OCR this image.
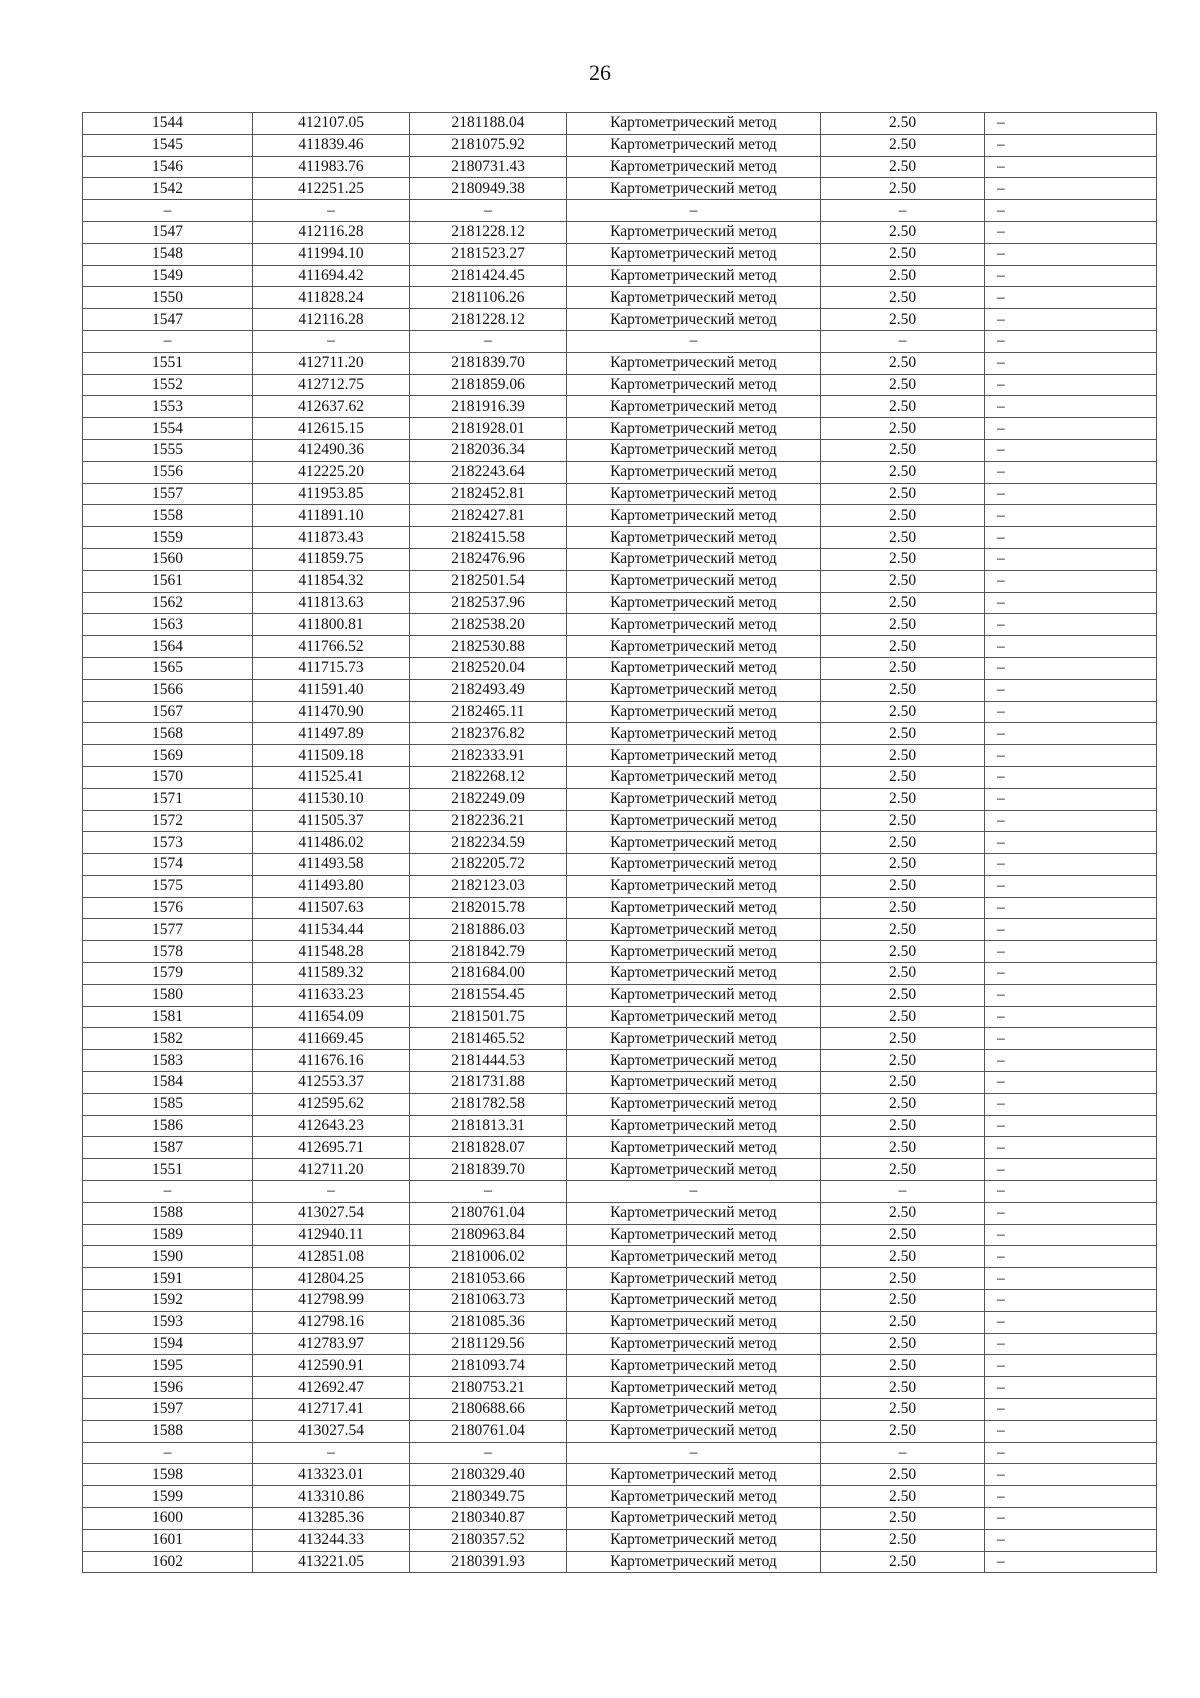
26
1544	412107.05	2181188.04	Картометрический метод	2.50	–
1545	411839.46	2181075.92	Картометрический метод	2.50	–
1546	411983.76	2180731.43	Картометрический метод	2.50	–
1542	412251.25	2180949.38	Картометрический метод	2.50	–
–	–	–	–	–	–
1547	412116.28	2181228.12	Картометрический метод	2.50	–
1548	411994.10	2181523.27	Картометрический метод	2.50	–
1549	411694.42	2181424.45	Картометрический метод	2.50	–
1550	411828.24	2181106.26	Картометрический метод	2.50	–
1547	412116.28	2181228.12	Картометрический метод	2.50	–
–	–	–	–	–	–
1551	412711.20	2181839.70	Картометрический метод	2.50	–
1552	412712.75	2181859.06	Картометрический метод	2.50	–
1553	412637.62	2181916.39	Картометрический метод	2.50	–
1554	412615.15	2181928.01	Картометрический метод	2.50	–
1555	412490.36	2182036.34	Картометрический метод	2.50	–
1556	412225.20	2182243.64	Картометрический метод	2.50	–
1557	411953.85	2182452.81	Картометрический метод	2.50	–
1558	411891.10	2182427.81	Картометрический метод	2.50	–
1559	411873.43	2182415.58	Картометрический метод	2.50	–
1560	411859.75	2182476.96	Картометрический метод	2.50	–
1561	411854.32	2182501.54	Картометрический метод	2.50	–
1562	411813.63	2182537.96	Картометрический метод	2.50	–
1563	411800.81	2182538.20	Картометрический метод	2.50	–
1564	411766.52	2182530.88	Картометрический метод	2.50	–
1565	411715.73	2182520.04	Картометрический метод	2.50	–
1566	411591.40	2182493.49	Картометрический метод	2.50	–
1567	411470.90	2182465.11	Картометрический метод	2.50	–
1568	411497.89	2182376.82	Картометрический метод	2.50	–
1569	411509.18	2182333.91	Картометрический метод	2.50	–
1570	411525.41	2182268.12	Картометрический метод	2.50	–
1571	411530.10	2182249.09	Картометрический метод	2.50	–
1572	411505.37	2182236.21	Картометрический метод	2.50	–
1573	411486.02	2182234.59	Картометрический метод	2.50	–
1574	411493.58	2182205.72	Картометрический метод	2.50	–
1575	411493.80	2182123.03	Картометрический метод	2.50	–
1576	411507.63	2182015.78	Картометрический метод	2.50	–
1577	411534.44	2181886.03	Картометрический метод	2.50	–
1578	411548.28	2181842.79	Картометрический метод	2.50	–
1579	411589.32	2181684.00	Картометрический метод	2.50	–
1580	411633.23	2181554.45	Картометрический метод	2.50	–
1581	411654.09	2181501.75	Картометрический метод	2.50	–
1582	411669.45	2181465.52	Картометрический метод	2.50	–
1583	411676.16	2181444.53	Картометрический метод	2.50	–
1584	412553.37	2181731.88	Картометрический метод	2.50	–
1585	412595.62	2181782.58	Картометрический метод	2.50	–
1586	412643.23	2181813.31	Картометрический метод	2.50	–
1587	412695.71	2181828.07	Картометрический метод	2.50	–
1551	412711.20	2181839.70	Картометрический метод	2.50	–
–	–	–	–	–	–
1588	413027.54	2180761.04	Картометрический метод	2.50	–
1589	412940.11	2180963.84	Картометрический метод	2.50	–
1590	412851.08	2181006.02	Картометрический метод	2.50	–
1591	412804.25	2181053.66	Картометрический метод	2.50	–
1592	412798.99	2181063.73	Картометрический метод	2.50	–
1593	412798.16	2181085.36	Картометрический метод	2.50	–
1594	412783.97	2181129.56	Картометрический метод	2.50	–
1595	412590.91	2181093.74	Картометрический метод	2.50	–
1596	412692.47	2180753.21	Картометрический метод	2.50	–
1597	412717.41	2180688.66	Картометрический метод	2.50	–
1588	413027.54	2180761.04	Картометрический метод	2.50	–
–	–	–	–	–	–
1598	413323.01	2180329.40	Картометрический метод	2.50	–
1599	413310.86	2180349.75	Картометрический метод	2.50	–
1600	413285.36	2180340.87	Картометрический метод	2.50	–
1601	413244.33	2180357.52	Картометрический метод	2.50	–
1602	413221.05	2180391.93	Картометрический метод	2.50	–
